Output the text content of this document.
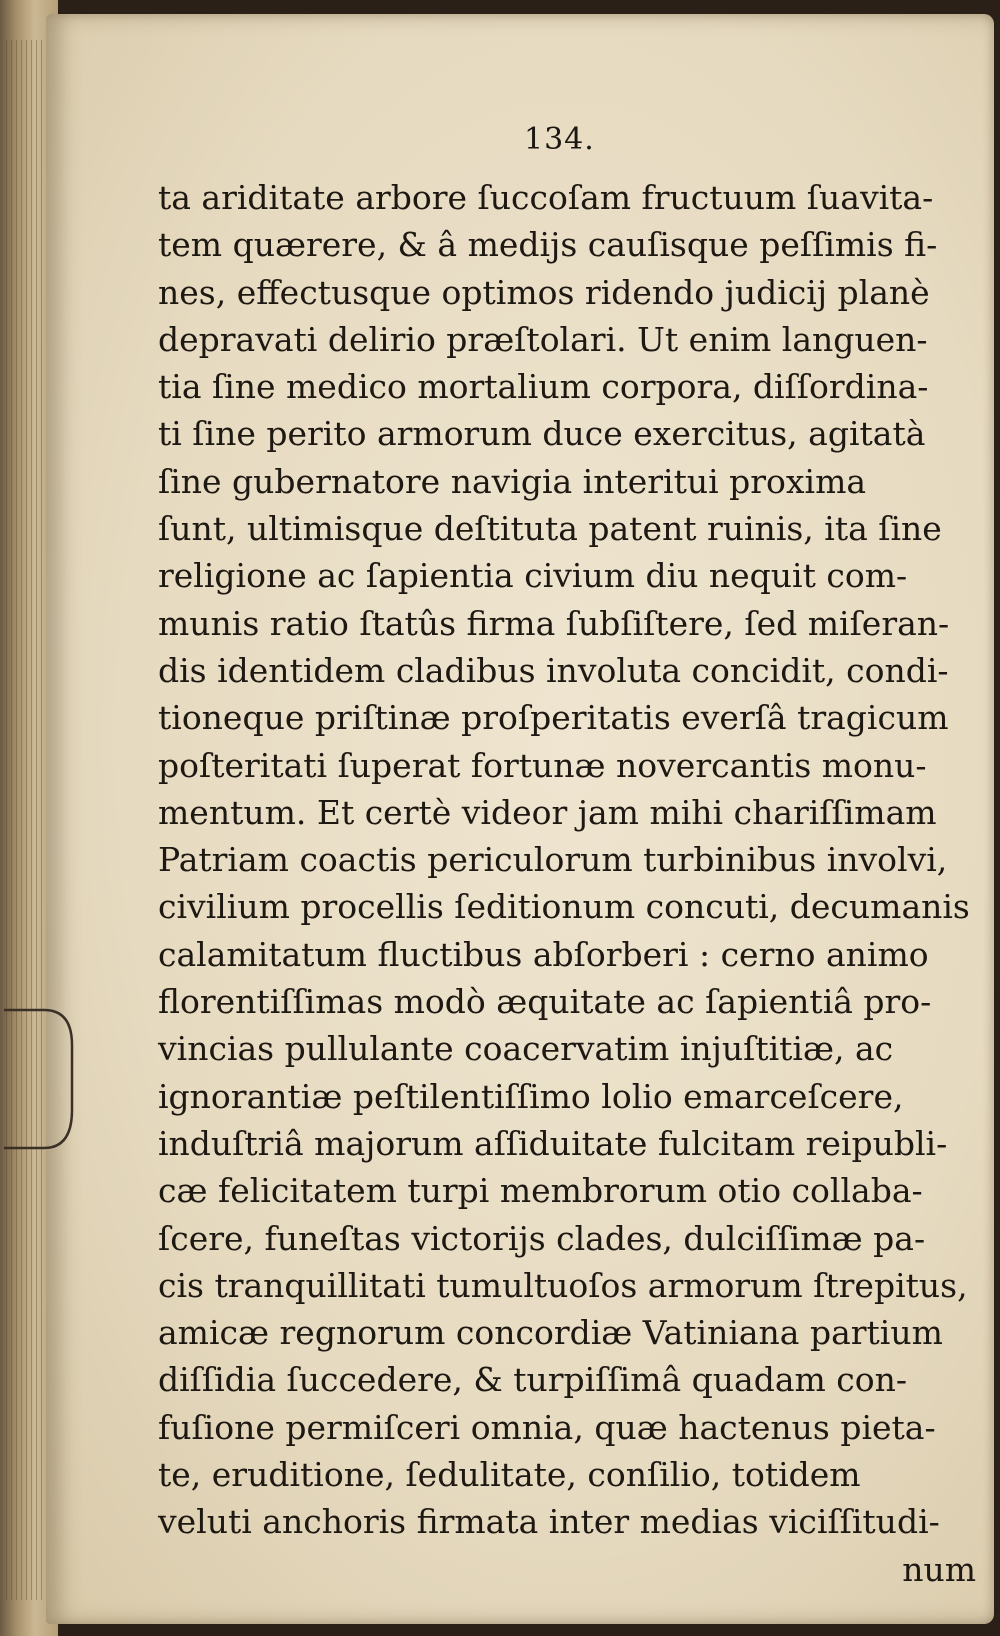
134.
ta ariditate arbore ſuccoſam fructuum ſuavita-
tem quærere, & â medijs cauſisque peſſimis fi-
nes, effectusque optimos ridendo judicij planè
depravati delirio præſtolari. Ut enim languen-
tia ſine medico mortalium corpora, diſſordina-
ti ſine perito armorum duce exercitus, agitatà
ſine gubernatore navigia interitui proxima
ſunt, ultimisque deſtituta patent ruinis, ita ſine
religione ac ſapientia civium diu nequit com-
munis ratio ſtatûs firma ſubſiſtere, ſed miſeran-
dis identidem cladibus involuta concidit, condi-
tioneque priſtinæ proſperitatis everſâ tragicum
poſteritati ſuperat fortunæ novercantis monu-
mentum. Et certè videor jam mihi chariſſimam
Patriam coactis periculorum turbinibus involvi,
civilium procellis ſeditionum concuti, decumanis
calamitatum fluctibus abſorberi : cerno animo
florentiſſimas modò æquitate ac ſapientiâ pro-
vincias pullulante coacervatim injuſtitiæ, ac
ignorantiæ peſtilentiſſimo lolio emarceſcere,
induſtriâ majorum aſſiduitate fulcitam reipubli-
cæ felicitatem turpi membrorum otio collaba-
ſcere, funeſtas victorijs clades, dulciſſimæ pa-
cis tranquillitati tumultuoſos armorum ſtrepitus,
amicæ regnorum concordiæ Vatiniana partium
diſſidia ſuccedere, & turpiſſimâ quadam con-
fuſione permiſceri omnia, quæ hactenus pieta-
te, eruditione, ſedulitate, conſilio, totidem
veluti anchoris firmata inter medias viciſſitudi-
num
